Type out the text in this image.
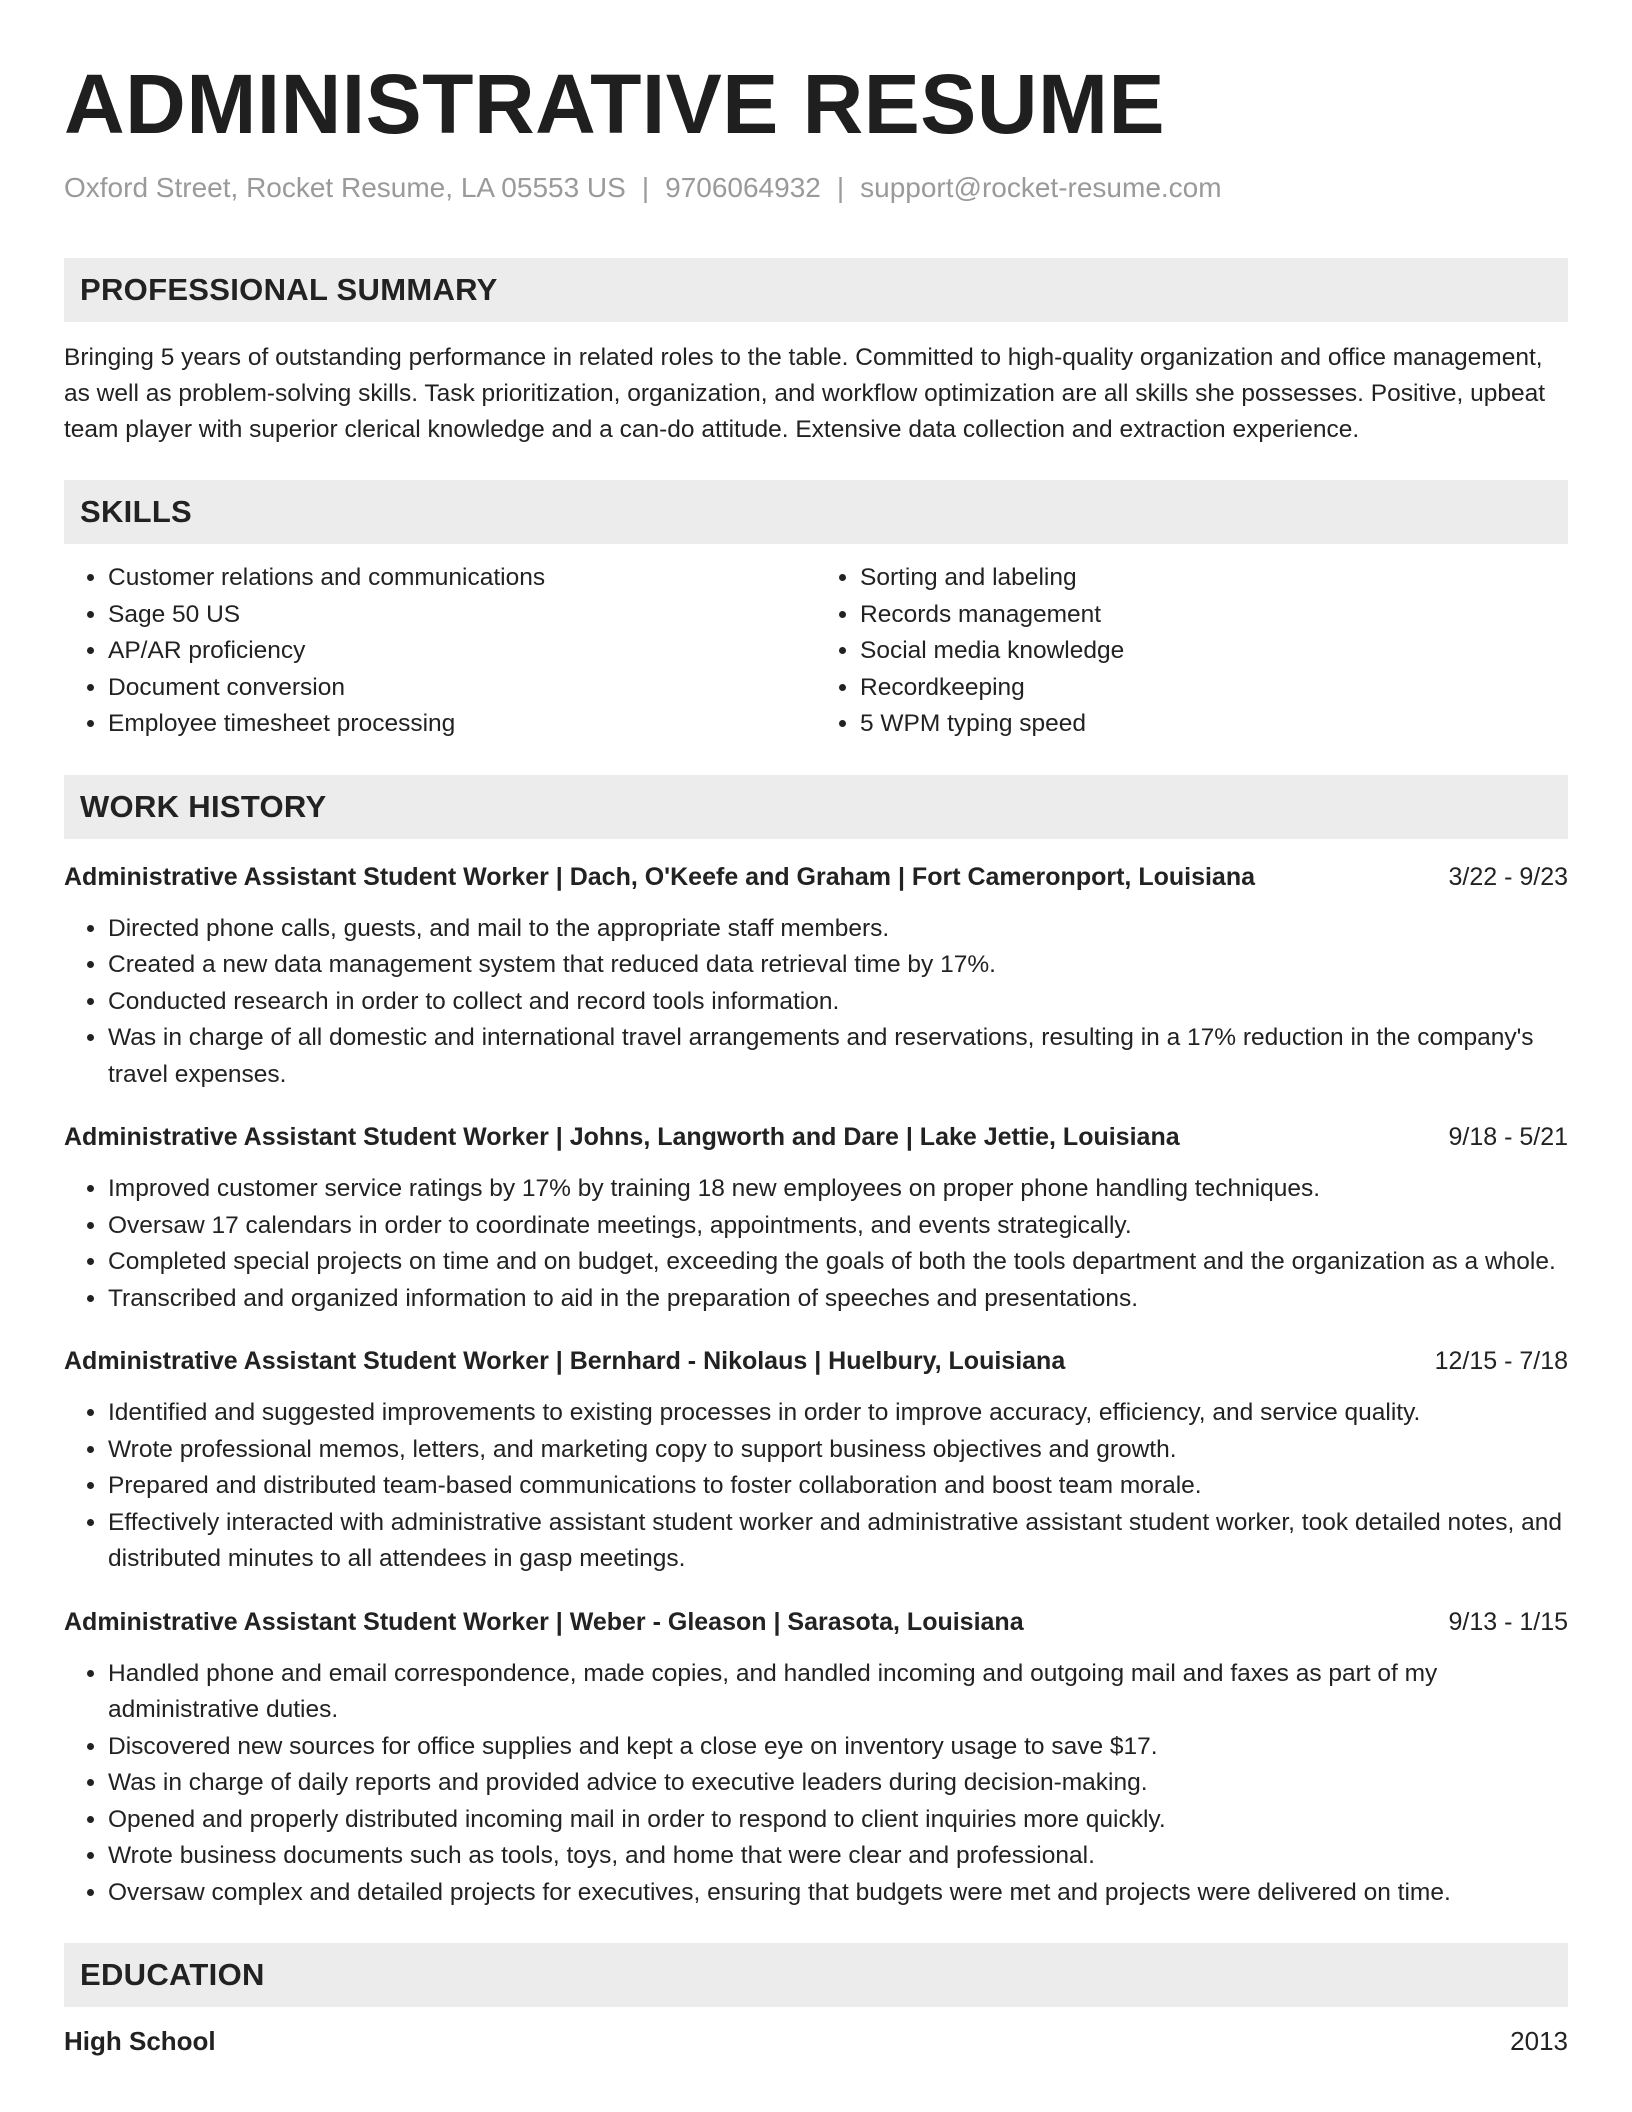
ADMINISTRATIVE RESUME
Oxford Street, Rocket Resume, LA 05553 US | 9706064932 | support@rocket-resume.com
PROFESSIONAL SUMMARY
Bringing 5 years of outstanding performance in related roles to the table. Committed to high-quality organization and office management, as well as problem-solving skills. Task prioritization, organization, and workflow optimization are all skills she possesses. Positive, upbeat team player with superior clerical knowledge and a can-do attitude. Extensive data collection and extraction experience.
SKILLS
• Customer relations and communications
• Sage 50 US
• AP/AR proficiency
• Document conversion
• Employee timesheet processing
• Sorting and labeling
• Records management
• Social media knowledge
• Recordkeeping
• 5 WPM typing speed
WORK HISTORY
Administrative Assistant Student Worker | Dach, O'Keefe and Graham | Fort Cameronport, Louisiana	3/22 - 9/23
• Directed phone calls, guests, and mail to the appropriate staff members.
• Created a new data management system that reduced data retrieval time by 17%.
• Conducted research in order to collect and record tools information.
• Was in charge of all domestic and international travel arrangements and reservations, resulting in a 17% reduction in the company's travel expenses.
Administrative Assistant Student Worker | Johns, Langworth and Dare | Lake Jettie, Louisiana	9/18 - 5/21
• Improved customer service ratings by 17% by training 18 new employees on proper phone handling techniques.
• Oversaw 17 calendars in order to coordinate meetings, appointments, and events strategically.
• Completed special projects on time and on budget, exceeding the goals of both the tools department and the organization as a whole.
• Transcribed and organized information to aid in the preparation of speeches and presentations.
Administrative Assistant Student Worker | Bernhard - Nikolaus | Huelbury, Louisiana	12/15 - 7/18
• Identified and suggested improvements to existing processes in order to improve accuracy, efficiency, and service quality.
• Wrote professional memos, letters, and marketing copy to support business objectives and growth.
• Prepared and distributed team-based communications to foster collaboration and boost team morale.
• Effectively interacted with administrative assistant student worker and administrative assistant student worker, took detailed notes, and distributed minutes to all attendees in gasp meetings.
Administrative Assistant Student Worker | Weber - Gleason | Sarasota, Louisiana	9/13 - 1/15
• Handled phone and email correspondence, made copies, and handled incoming and outgoing mail and faxes as part of my administrative duties.
• Discovered new sources for office supplies and kept a close eye on inventory usage to save $17.
• Was in charge of daily reports and provided advice to executive leaders during decision-making.
• Opened and properly distributed incoming mail in order to respond to client inquiries more quickly.
• Wrote business documents such as tools, toys, and home that were clear and professional.
• Oversaw complex and detailed projects for executives, ensuring that budgets were met and projects were delivered on time.
EDUCATION
High School	2013
